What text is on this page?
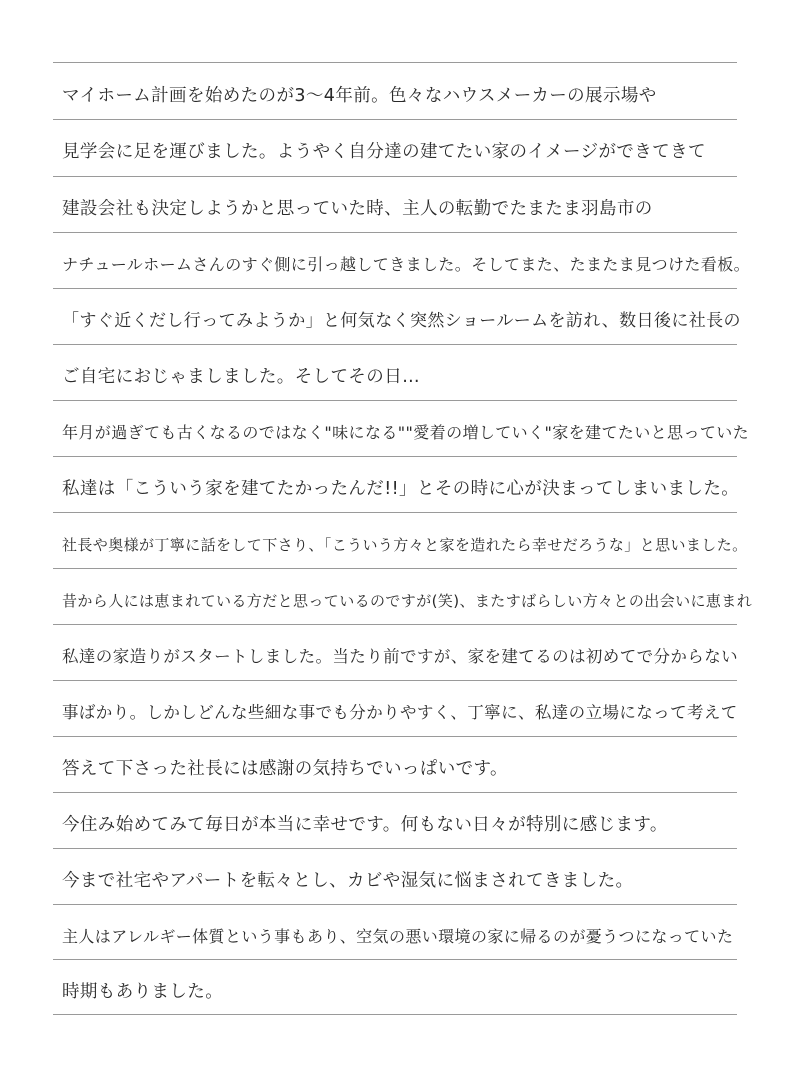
マイホーム計画を始めたのが3～4年前。色々なハウスメーカーの展示場や
見学会に足を運びました。ようやく自分達の建てたい家のイメージができてきて
建設会社も決定しようかと思っていた時、主人の転勤でたまたま羽島市の
ナチュールホームさんのすぐ側に引っ越してきました。そしてまた、たまたま見つけた看板。
「すぐ近くだし行ってみようか」と何気なく突然ショールームを訪れ、数日後に社長の
ご自宅におじゃましました。そしてその日…
年月が過ぎても古くなるのではなく"味になる""愛着の増していく"家を建てたいと思っていた
私達は「こういう家を建てたかったんだ!!」とその時に心が決まってしまいました。
社長や奥様が丁寧に話をして下さり、「こういう方々と家を造れたら幸せだろうな」と思いました。
昔から人には恵まれている方だと思っているのですが(笑)、またすばらしい方々との出会いに恵まれ
私達の家造りがスタートしました。当たり前ですが、家を建てるのは初めてで分からない
事ばかり。しかしどんな些細な事でも分かりやすく、丁寧に、私達の立場になって考えて
答えて下さった社長には感謝の気持ちでいっぱいです。
今住み始めてみて毎日が本当に幸せです。何もない日々が特別に感じます。
今まで社宅やアパートを転々とし、カビや湿気に悩まされてきました。
主人はアレルギー体質という事もあり、空気の悪い環境の家に帰るのが憂うつになっていた
時期もありました。
